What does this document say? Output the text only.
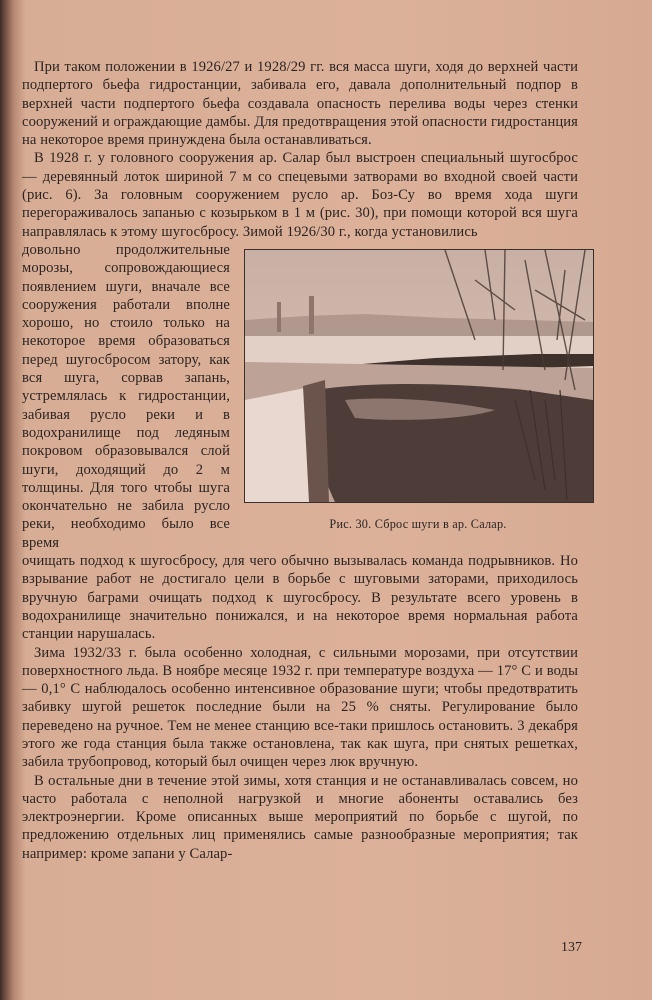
При таком положении в 1926/27 и 1928/29 гг. вся масса шуги, ходя до верхней части подпертого бьефа гидростанции, забивала его, давала дополнительный подпор в верхней части подпертого бьефа создавала опасность перелива воды через стенки сооружений и ограждающие дамбы. Для предотвращения этой опасности гидростанция на некоторое время принуждена была останавливаться.

В 1928 г. у головного сооружения ар. Салар был выстроен специальный шугосброс — деревянный лоток шириной 7 м со спецевыми затворами во входной своей части (рис. 6). За головным сооружением русло ар. Боз-Су во время хода шуги перегораживалось запанью с козырьком в 1 м (рис. 30), при помощи которой вся шуга направлялась к этому шугосбросу. Зимой 1926/30 г., когда установились

довольно продолжительные морозы, сопровождающиеся появлением шуги, вначале все сооружения работали вполне хорошо, но стоило только на некоторое время образоваться перед шугосбросом затору, как вся шуга, сорвав запань, устремлялась к гидростанции, забивая русло реки и в водохранилище под ледяным покровом образовывался слой шуги, доходящий до 2 м толщины. Для того чтобы шуга окончательно не забила русло реки, необходимо было все время

Рис. 30. Сброс шуги в ар. Салар.

очищать подход к шугосбросу, для чего обычно вызывалась команда подрывников. Но взрывание работ не достигало цели в борьбе с шуговыми заторами, приходилось вручную баграми очищать подход к шугосбросу. В результате всего уровень в водохранилище значительно понижался, и на некоторое время нормальная работа станции нарушалась.

Зима 1932/33 г. была особенно холодная, с сильными морозами, при отсутствии поверхностного льда. В ноябре месяце 1932 г. при температуре воздуха — 17° С и воды — 0,1° С наблюдалось особенно интенсивное образование шуги; чтобы предотвратить забивку шугой решеток последние были на 25 % сняты. Регулирование было переведено на ручное. Тем не менее станцию все-таки пришлось остановить. 3 декабря этого же года станция была также остановлена, так как шуга, при снятых решетках, забила трубопровод, который был очищен через люк вручную.

В остальные дни в течение этой зимы, хотя станция и не останавливалась совсем, но часто работала с неполной нагрузкой и многие абоненты оставались без электроэнергии. Кроме описанных выше мероприятий по борьбе с шугой, по предложению отдельных лиц применялись самые разнообразные мероприятия; так например: кроме запани у Салар-

137
